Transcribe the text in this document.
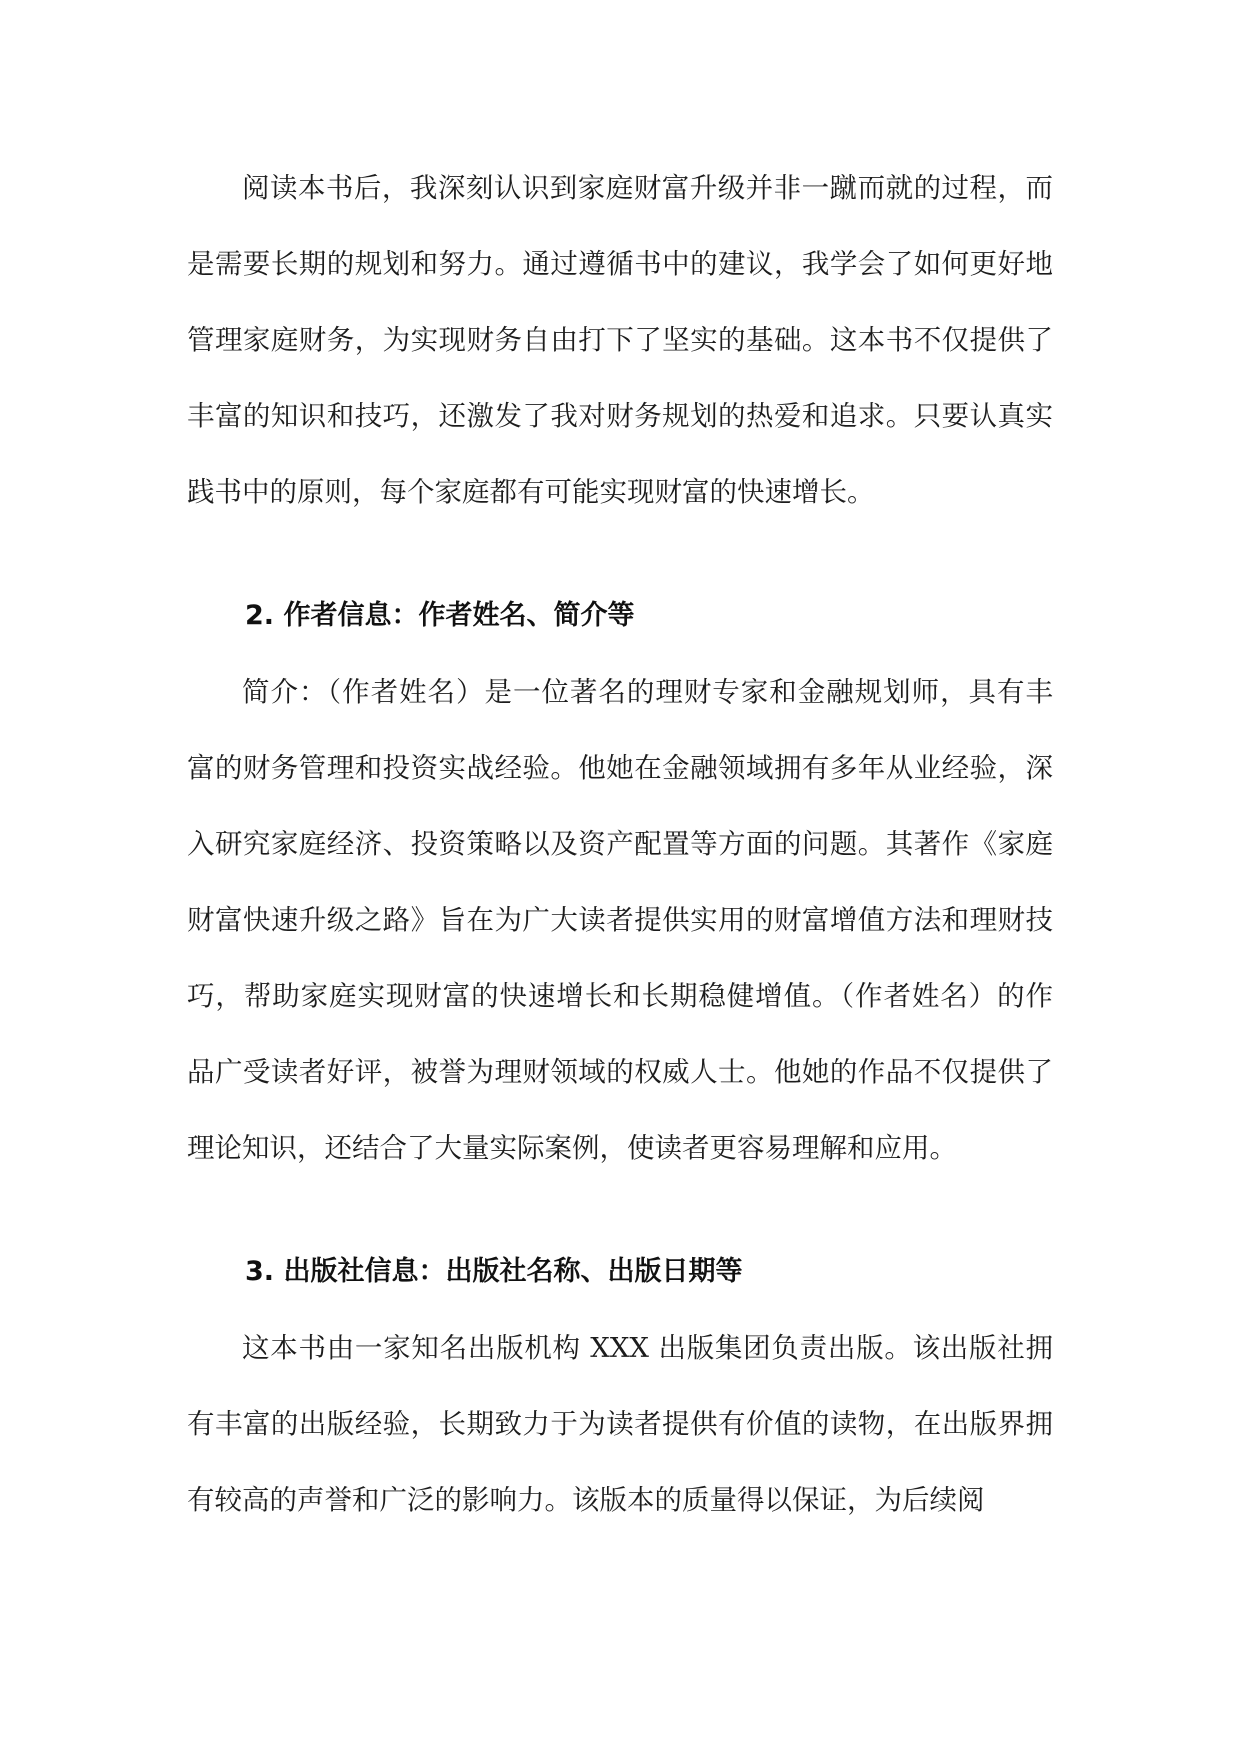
阅读本书后，我深刻认识到家庭财富升级并非一蹴而就的过程，而是需要长期的规划和努力。通过遵循书中的建议，我学会了如何更好地管理家庭财务，为实现财务自由打下了坚实的基础。这本书不仅提供了丰富的知识和技巧，还激发了我对财务规划的热爱和追求。只要认真实践书中的原则，每个家庭都有可能实现财富的快速增长。

2. 作者信息：作者姓名、简介等

简介：（作者姓名）是一位著名的理财专家和金融规划师，具有丰富的财务管理和投资实战经验。他她在金融领域拥有多年从业经验，深入研究家庭经济、投资策略以及资产配置等方面的问题。其著作《家庭财富快速升级之路》旨在为广大读者提供实用的财富增值方法和理财技巧，帮助家庭实现财富的快速增长和长期稳健增值。（作者姓名）的作品广受读者好评，被誉为理财领域的权威人士。他她的作品不仅提供了理论知识，还结合了大量实际案例，使读者更容易理解和应用。

3. 出版社信息：出版社名称、出版日期等

这本书由一家知名出版机构 XXX 出版集团负责出版。该出版社拥有丰富的出版经验，长期致力于为读者提供有价值的读物，在出版界拥有较高的声誉和广泛的影响力。该版本的质量得以保证，为后续阅
